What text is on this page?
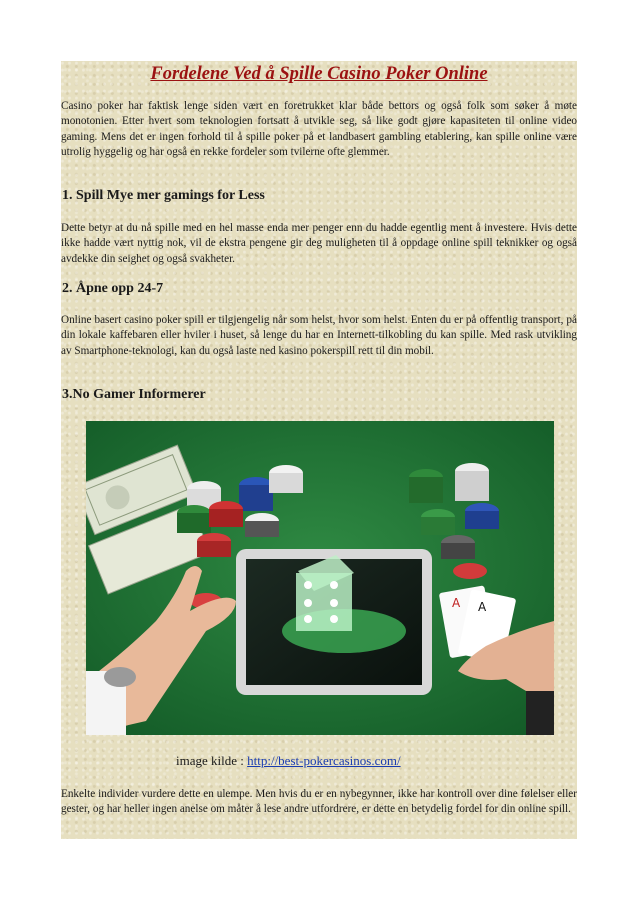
Fordelene Ved å Spille Casino Poker Online

Casino poker har faktisk lenge siden vært en foretrukket klar både bettors og også folk som søker å møte monotonien. Etter hvert som teknologien fortsatt å utvikle seg, så like godt gjøre kapasiteten til online video gaming. Mens det er ingen forhold til å spille poker på et landbasert gambling etablering, kan spille online være utrolig hyggelig og har også en rekke fordeler som tvilerne ofte glemmer.

1. Spill Mye mer gamings for Less

Dette betyr at du nå spille med en hel masse enda mer penger enn du hadde egentlig ment å investere. Hvis dette ikke hadde vært nyttig nok, vil de ekstra pengene gir deg muligheten til å oppdage online spill teknikker og også avdekke din seighet og også svakheter.

2. Åpne opp 24-7

Online basert casino poker spill er tilgjengelig når som helst, hvor som helst. Enten du er på offentlig transport, på din lokale kaffebaren eller hviler i huset, så lenge du har en Internett-tilkobling du kan spille. Med rask utvikling av Smartphone-teknologi, kan du også laste ned kasino pokerspill rett til din mobil.

3.No Gamer Informerer
A A

image kilde : http://best-pokercasinos.com/

Enkelte individer vurdere dette en ulempe. Men hvis du er en nybegynner, ikke har kontroll over dine følelser eller gester, og har heller ingen anelse om måter å lese andre utfordrere, er dette en betydelig fordel for din online spill.
